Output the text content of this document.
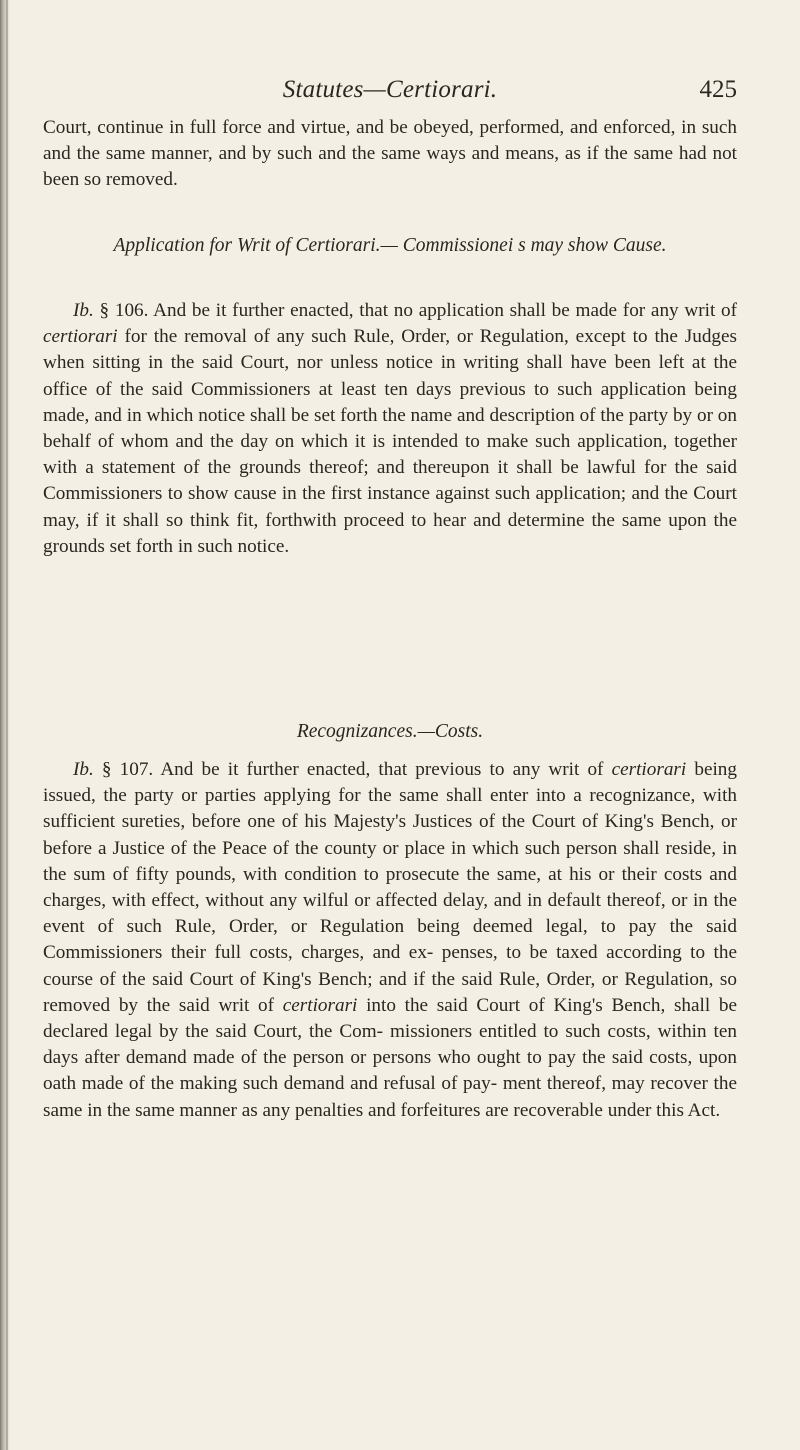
Statutes—Certiorari.	425

Court, continue in full force and virtue, and be obeyed, performed, and enforced, in such and the same manner, and by such and the same ways and means, as if the same had not been so removed.

Application for Writ of Certiorari.— Commissionei s may show Cause.

Ib. § 106. And be it further enacted, that no application shall be made for any writ of certiorari for the removal of any such Rule, Order, or Regulation, except to the Judges when sitting in the said Court, nor unless notice in writing shall have been left at the office of the said Commissioners at least ten days previous to such application being made, and in which notice shall be set forth the name and description of the party by or on behalf of whom and the day on which it is intended to make such application, together with a statement of the grounds thereof; and thereupon it shall be lawful for the said Commissioners to show cause in the first instance against such application; and the Court may, if it shall so think fit, forthwith proceed to hear and determine the same upon the grounds set forth in such notice.

Recognizances.—Costs.

Ib. § 107. And be it further enacted, that previous to any writ of certiorari being issued, the party or parties applying for the same shall enter into a recognizance, with sufficient sureties, before one of his Majesty's Justices of the Court of King's Bench, or before a Justice of the Peace of the county or place in which such person shall reside, in the sum of fifty pounds, with condition to prosecute the same, at his or their costs and charges, with effect, without any wilful or affected delay, and in default thereof, or in the event of such Rule, Order, or Regulation being deemed legal, to pay the said Commissioners their full costs, charges, and ex- penses, to be taxed according to the course of the said Court of King's Bench; and if the said Rule, Order, or Regulation, so removed by the said writ of certiorari into the said Court of King's Bench, shall be declared legal by the said Court, the Com- missioners entitled to such costs, within ten days after demand made of the person or persons who ought to pay the said costs, upon oath made of the making such demand and refusal of pay- ment thereof, may recover the same in the same manner as any penalties and forfeitures are recoverable under this Act.
